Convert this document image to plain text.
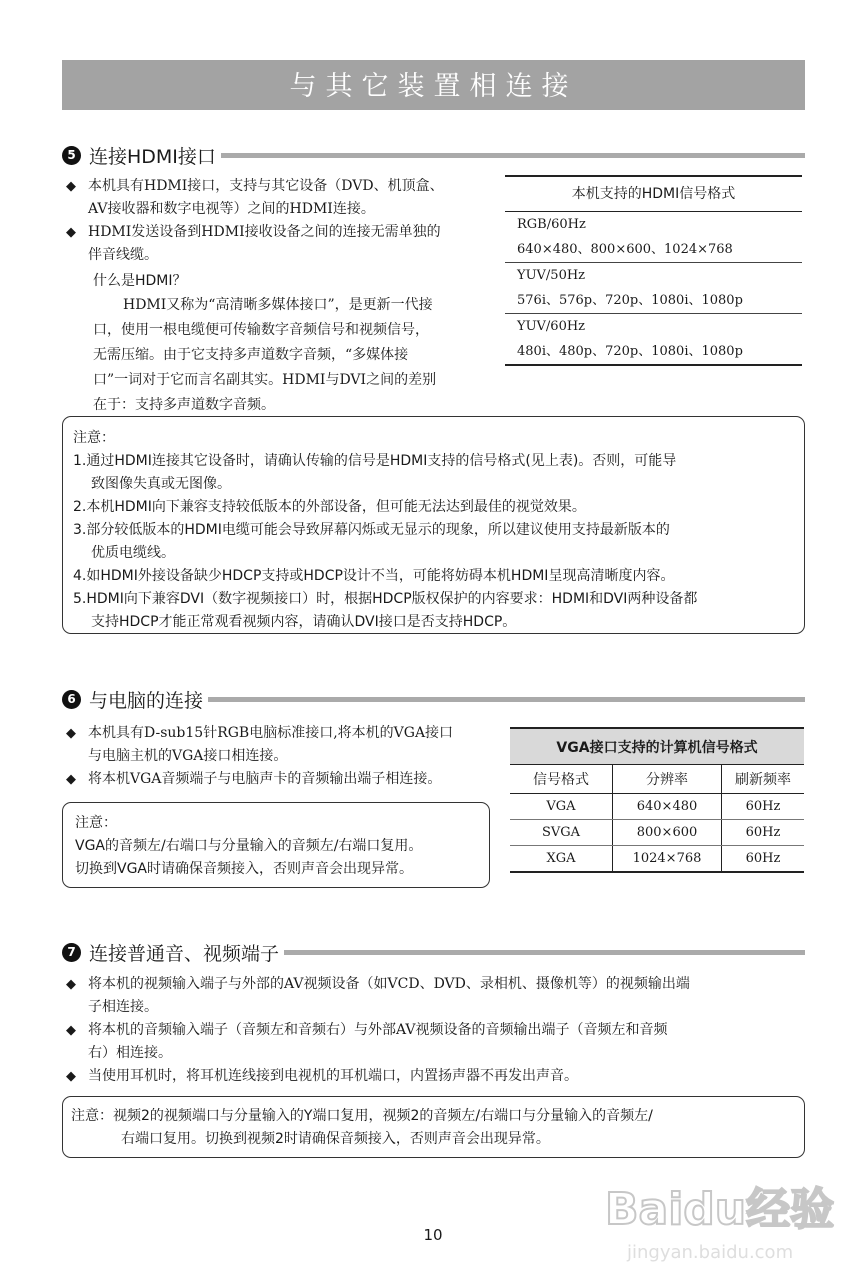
与其它装置相连接
5 连接HDMI接口
◆ 本机具有HDMI接口，支持与其它设备（DVD、机顶盒、
AV接收器和数字电视等）之间的HDMI连接。
◆ HDMI发送设备到HDMI接收设备之间的连接无需单独的
伴音线缆。
什么是HDMI？
HDMI又称为“高清晰多媒体接口”，是更新一代接
口，使用一根电缆便可传输数字音频信号和视频信号，
无需压缩。由于它支持多声道数字音频，“多媒体接
口”一词对于它而言名副其实。HDMI与DVI之间的差别
在于：支持多声道数字音频。
本机支持的HDMI信号格式
RGB/60Hz
640×480、800×600、1024×768
YUV/50Hz
576i、576p、720p、1080i、1080p
YUV/60Hz
480i、480p、720p、1080i、1080p
注意：
1.通过HDMI连接其它设备时，请确认传输的信号是HDMI支持的信号格式(见上表)。否则，可能导
致图像失真或无图像。
2.本机HDMI向下兼容支持较低版本的外部设备，但可能无法达到最佳的视觉效果。
3.部分较低版本的HDMI电缆可能会导致屏幕闪烁或无显示的现象，所以建议使用支持最新版本的
优质电缆线。
4.如HDMI外接设备缺少HDCP支持或HDCP设计不当，可能将妨碍本机HDMI呈现高清晰度内容。
5.HDMI向下兼容DVI（数字视频接口）时，根据HDCP版权保护的内容要求：HDMI和DVI两种设备都
支持HDCP才能正常观看视频内容，请确认DVI接口是否支持HDCP。
6 与电脑的连接
◆ 本机具有D-sub15针RGB电脑标准接口,将本机的VGA接口
与电脑主机的VGA接口相连接。
◆ 将本机VGA音频端子与电脑声卡的音频输出端子相连接。
注意：
VGA的音频左/右端口与分量输入的音频左/右端口复用。
切换到VGA时请确保音频接入，否则声音会出现异常。
VGA接口支持的计算机信号格式		
信号格式	分辨率	刷新频率
VGA	640×480	60Hz
SVGA	800×600	60Hz
XGA	1024×768	60Hz
7 连接普通音、视频端子
◆ 将本机的视频输入端子与外部的AV视频设备（如VCD、DVD、录相机、摄像机等）的视频输出端
子相连接。
◆ 将本机的音频输入端子（音频左和音频右）与外部AV视频设备的音频输出端子（音频左和音频
右）相连接。
◆ 当使用耳机时，将耳机连线接到电视机的耳机端口，内置扬声器不再发出声音。
注意：视频2的视频端口与分量输入的Y端口复用，视频2的音频左/右端口与分量输入的音频左/
右端口复用。切换到视频2时请确保音频接入，否则声音会出现异常。
Baidu经验
jingyan.baidu.com
10
